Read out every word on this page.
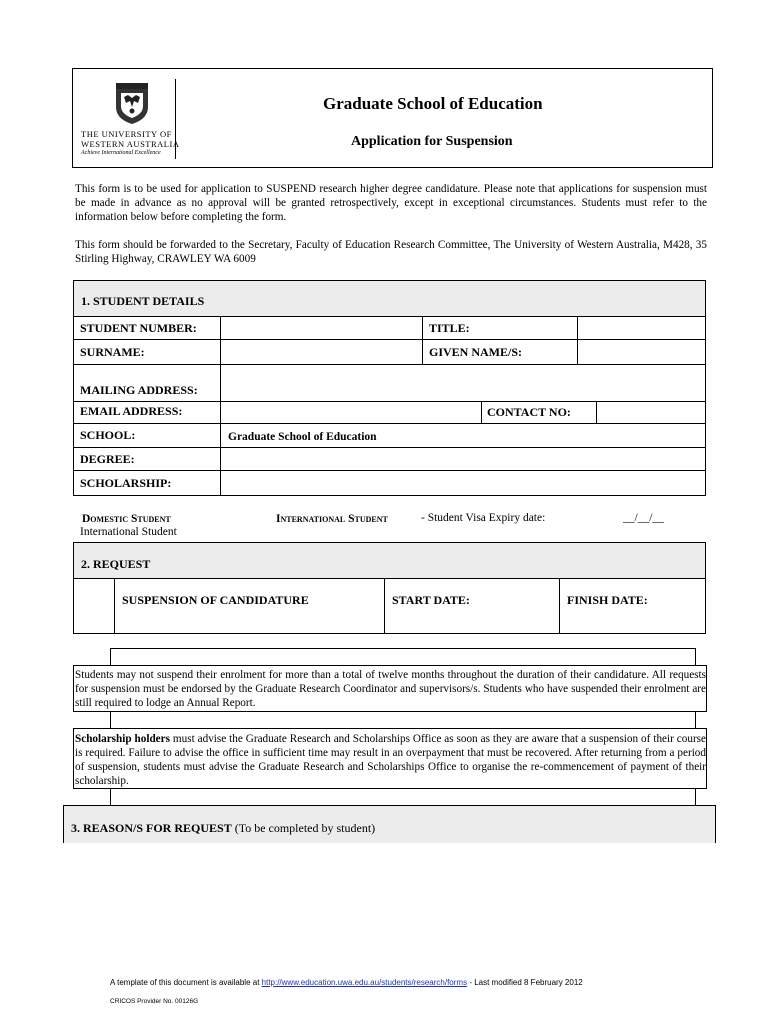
THE UNIVERSITY OF
WESTERN AUSTRALIA
Achieve International Excellence
Graduate School of Education
Application for Suspension
This form is to be used for application to SUSPEND research higher degree candidature. Please note that applications for suspension must be made in advance as no approval will be granted retrospectively, except in exceptional circumstances. Students must refer to the information below before completing the form.
This form should be forwarded to the Secretary, Faculty of Education Research Committee, The University of Western Australia, M428, 35 Stirling Highway, CRAWLEY WA 6009
1. STUDENT DETAILS
STUDENT NUMBER:	TITLE:
SURNAME:	GIVEN NAME/S:
MAILING ADDRESS:
EMAIL ADDRESS:	CONTACT NO:
SCHOOL:	Graduate School of Education
DEGREE:
SCHOLARSHIP:
Domestic Student
International Student
International Student	- Student Visa Expiry date:	__/__/__
2. REQUEST
SUSPENSION OF CANDIDATURE	START DATE:	FINISH DATE:
Students may not suspend their enrolment for more than a total of twelve months throughout the duration of their candidature. All requests for suspension must be endorsed by the Graduate Research Coordinator and supervisors/s. Students who have suspended their enrolment are still required to lodge an Annual Report.
Scholarship holders must advise the Graduate Research and Scholarships Office as soon as they are aware that a suspension of their course is required. Failure to advise the office in sufficient time may result in an overpayment that must be recovered. After returning from a period of suspension, students must advise the Graduate Research and Scholarships Office to organise the re-commencement of payment of their scholarship.
3. REASON/S FOR REQUEST (To be completed by student)
A template of this document is available at http://www.education.uwa.edu.au/students/research/forms - Last modified 8 February 2012
CRICOS Provider No. 00126G
